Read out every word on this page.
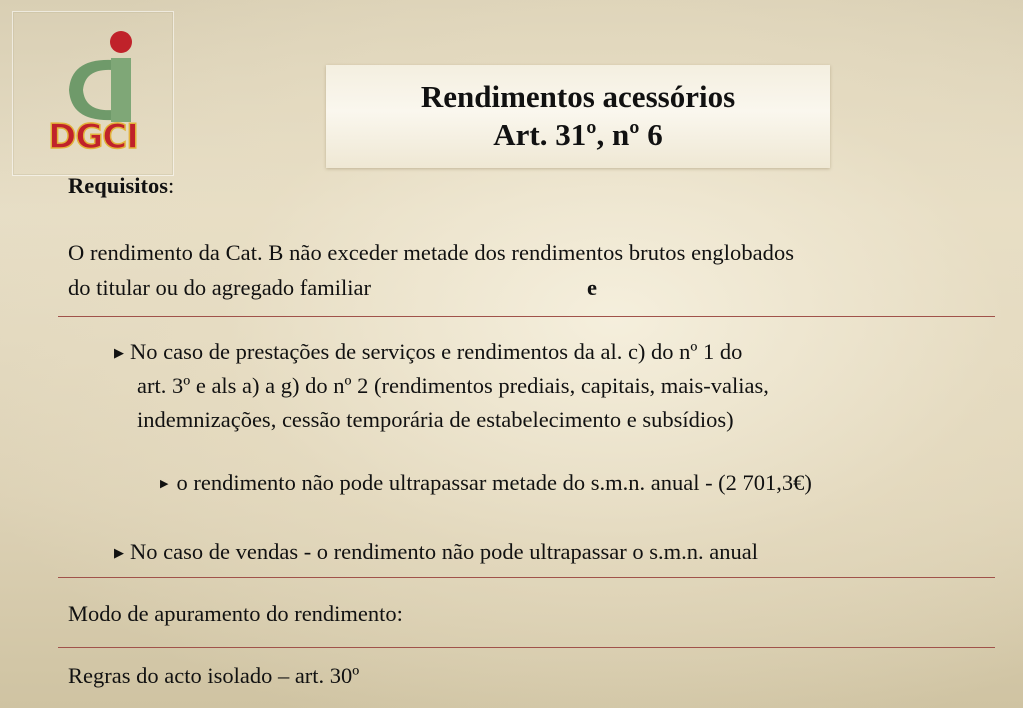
DGCI
Rendimentos acessórios
Art. 31º, nº 6
Requisitos:
O rendimento da Cat. B não exceder metade dos rendimentos brutos englobados
do titular ou do agregado familiar	e
▶ No caso de prestações de serviços e rendimentos da al. c) do nº 1 do
art. 3º e als a) a g) do nº 2 (rendimentos prediais, capitais, mais-valias,
indemnizações, cessão temporária de estabelecimento e subsídios)
▶ o rendimento não pode ultrapassar metade do s.m.n. anual - (2 701,3€)
▶ No caso de vendas - o rendimento não pode ultrapassar o s.m.n. anual
Modo de apuramento do rendimento:
Regras do acto isolado – art. 30º
